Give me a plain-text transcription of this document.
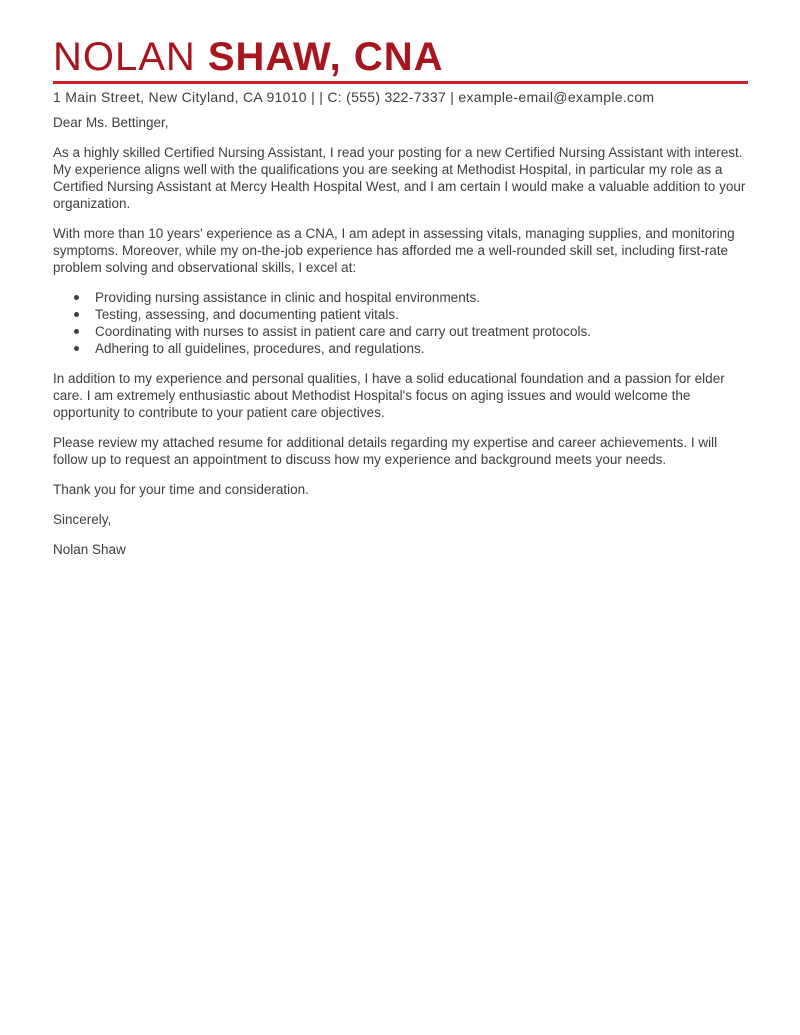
NOLAN SHAW, CNA
1 Main Street, New Cityland, CA 91010 | | C: (555) 322-7337 | example-email@example.com

Dear Ms. Bettinger,

As a highly skilled Certified Nursing Assistant, I read your posting for a new Certified Nursing Assistant with interest. My experience aligns well with the qualifications you are seeking at Methodist Hospital, in particular my role as a Certified Nursing Assistant at Mercy Health Hospital West, and I am certain I would make a valuable addition to your organization.

With more than 10 years' experience as a CNA, I am adept in assessing vitals, managing supplies, and monitoring symptoms. Moreover, while my on-the-job experience has afforded me a well-rounded skill set, including first-rate problem solving and observational skills, I excel at:

Providing nursing assistance in clinic and hospital environments.
Testing, assessing, and documenting patient vitals.
Coordinating with nurses to assist in patient care and carry out treatment protocols.
Adhering to all guidelines, procedures, and regulations.

In addition to my experience and personal qualities, I have a solid educational foundation and a passion for elder care. I am extremely enthusiastic about Methodist Hospital's focus on aging issues and would welcome the opportunity to contribute to your patient care objectives.

Please review my attached resume for additional details regarding my expertise and career achievements. I will follow up to request an appointment to discuss how my experience and background meets your needs.

Thank you for your time and consideration.

Sincerely,

Nolan Shaw
